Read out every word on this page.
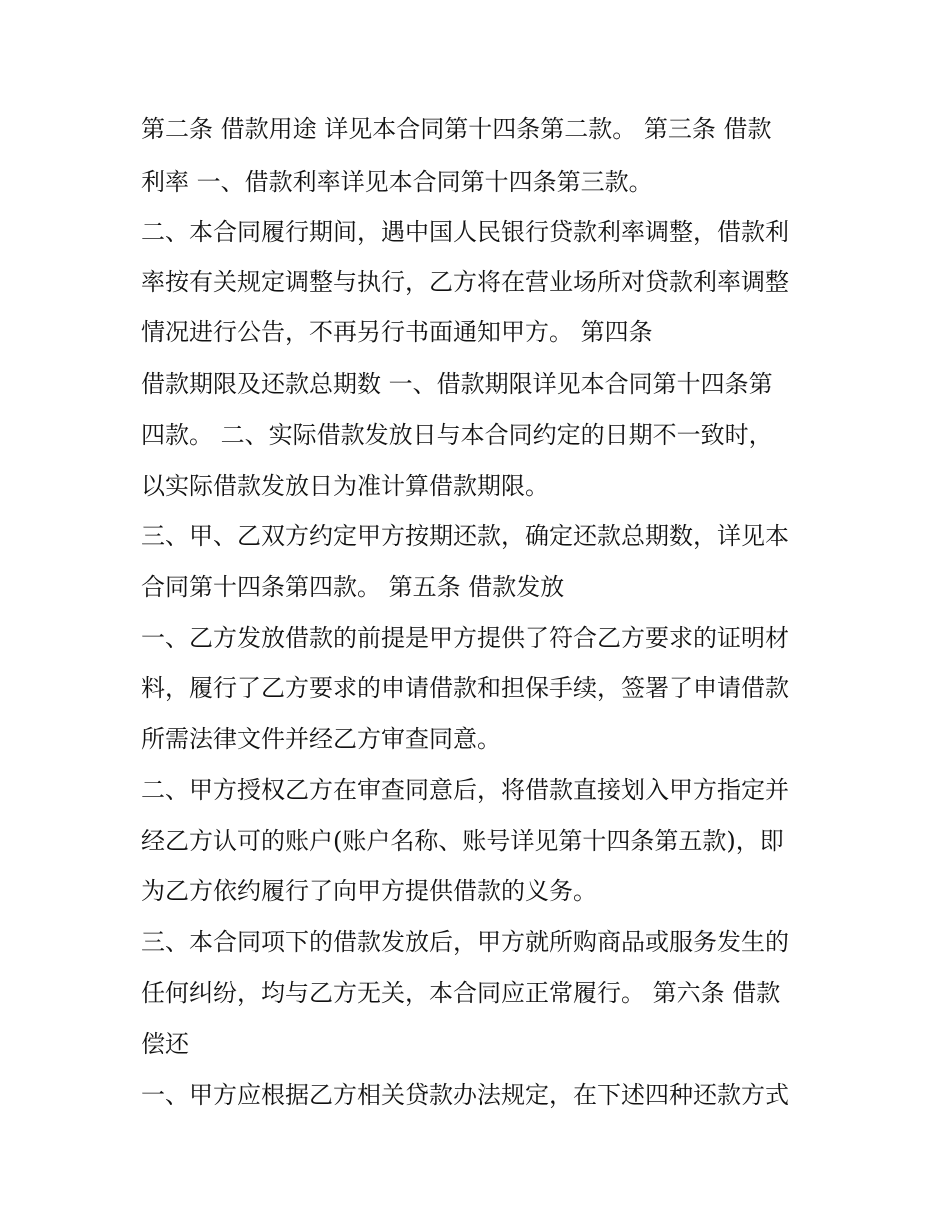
第二条 借款用途 详见本合同第十四条第二款。 第三条 借款
利率 一、借款利率详见本合同第十四条第三款。
二、本合同履行期间，遇中国人民银行贷款利率调整，借款利
率按有关规定调整与执行，乙方将在营业场所对贷款利率调整
情况进行公告，不再另行书面通知甲方。 第四条
借款期限及还款总期数 一、借款期限详见本合同第十四条第
四款。 二、实际借款发放日与本合同约定的日期不一致时，
以实际借款发放日为准计算借款期限。
三、甲、乙双方约定甲方按期还款，确定还款总期数，详见本
合同第十四条第四款。 第五条 借款发放
一、乙方发放借款的前提是甲方提供了符合乙方要求的证明材
料，履行了乙方要求的申请借款和担保手续，签署了申请借款
所需法律文件并经乙方审查同意。
二、甲方授权乙方在审查同意后，将借款直接划入甲方指定并
经乙方认可的账户(账户名称、账号详见第十四条第五款)，即
为乙方依约履行了向甲方提供借款的义务。
三、本合同项下的借款发放后，甲方就所购商品或服务发生的
任何纠纷，均与乙方无关，本合同应正常履行。 第六条 借款
偿还
一、甲方应根据乙方相关贷款办法规定，在下述四种还款方式
